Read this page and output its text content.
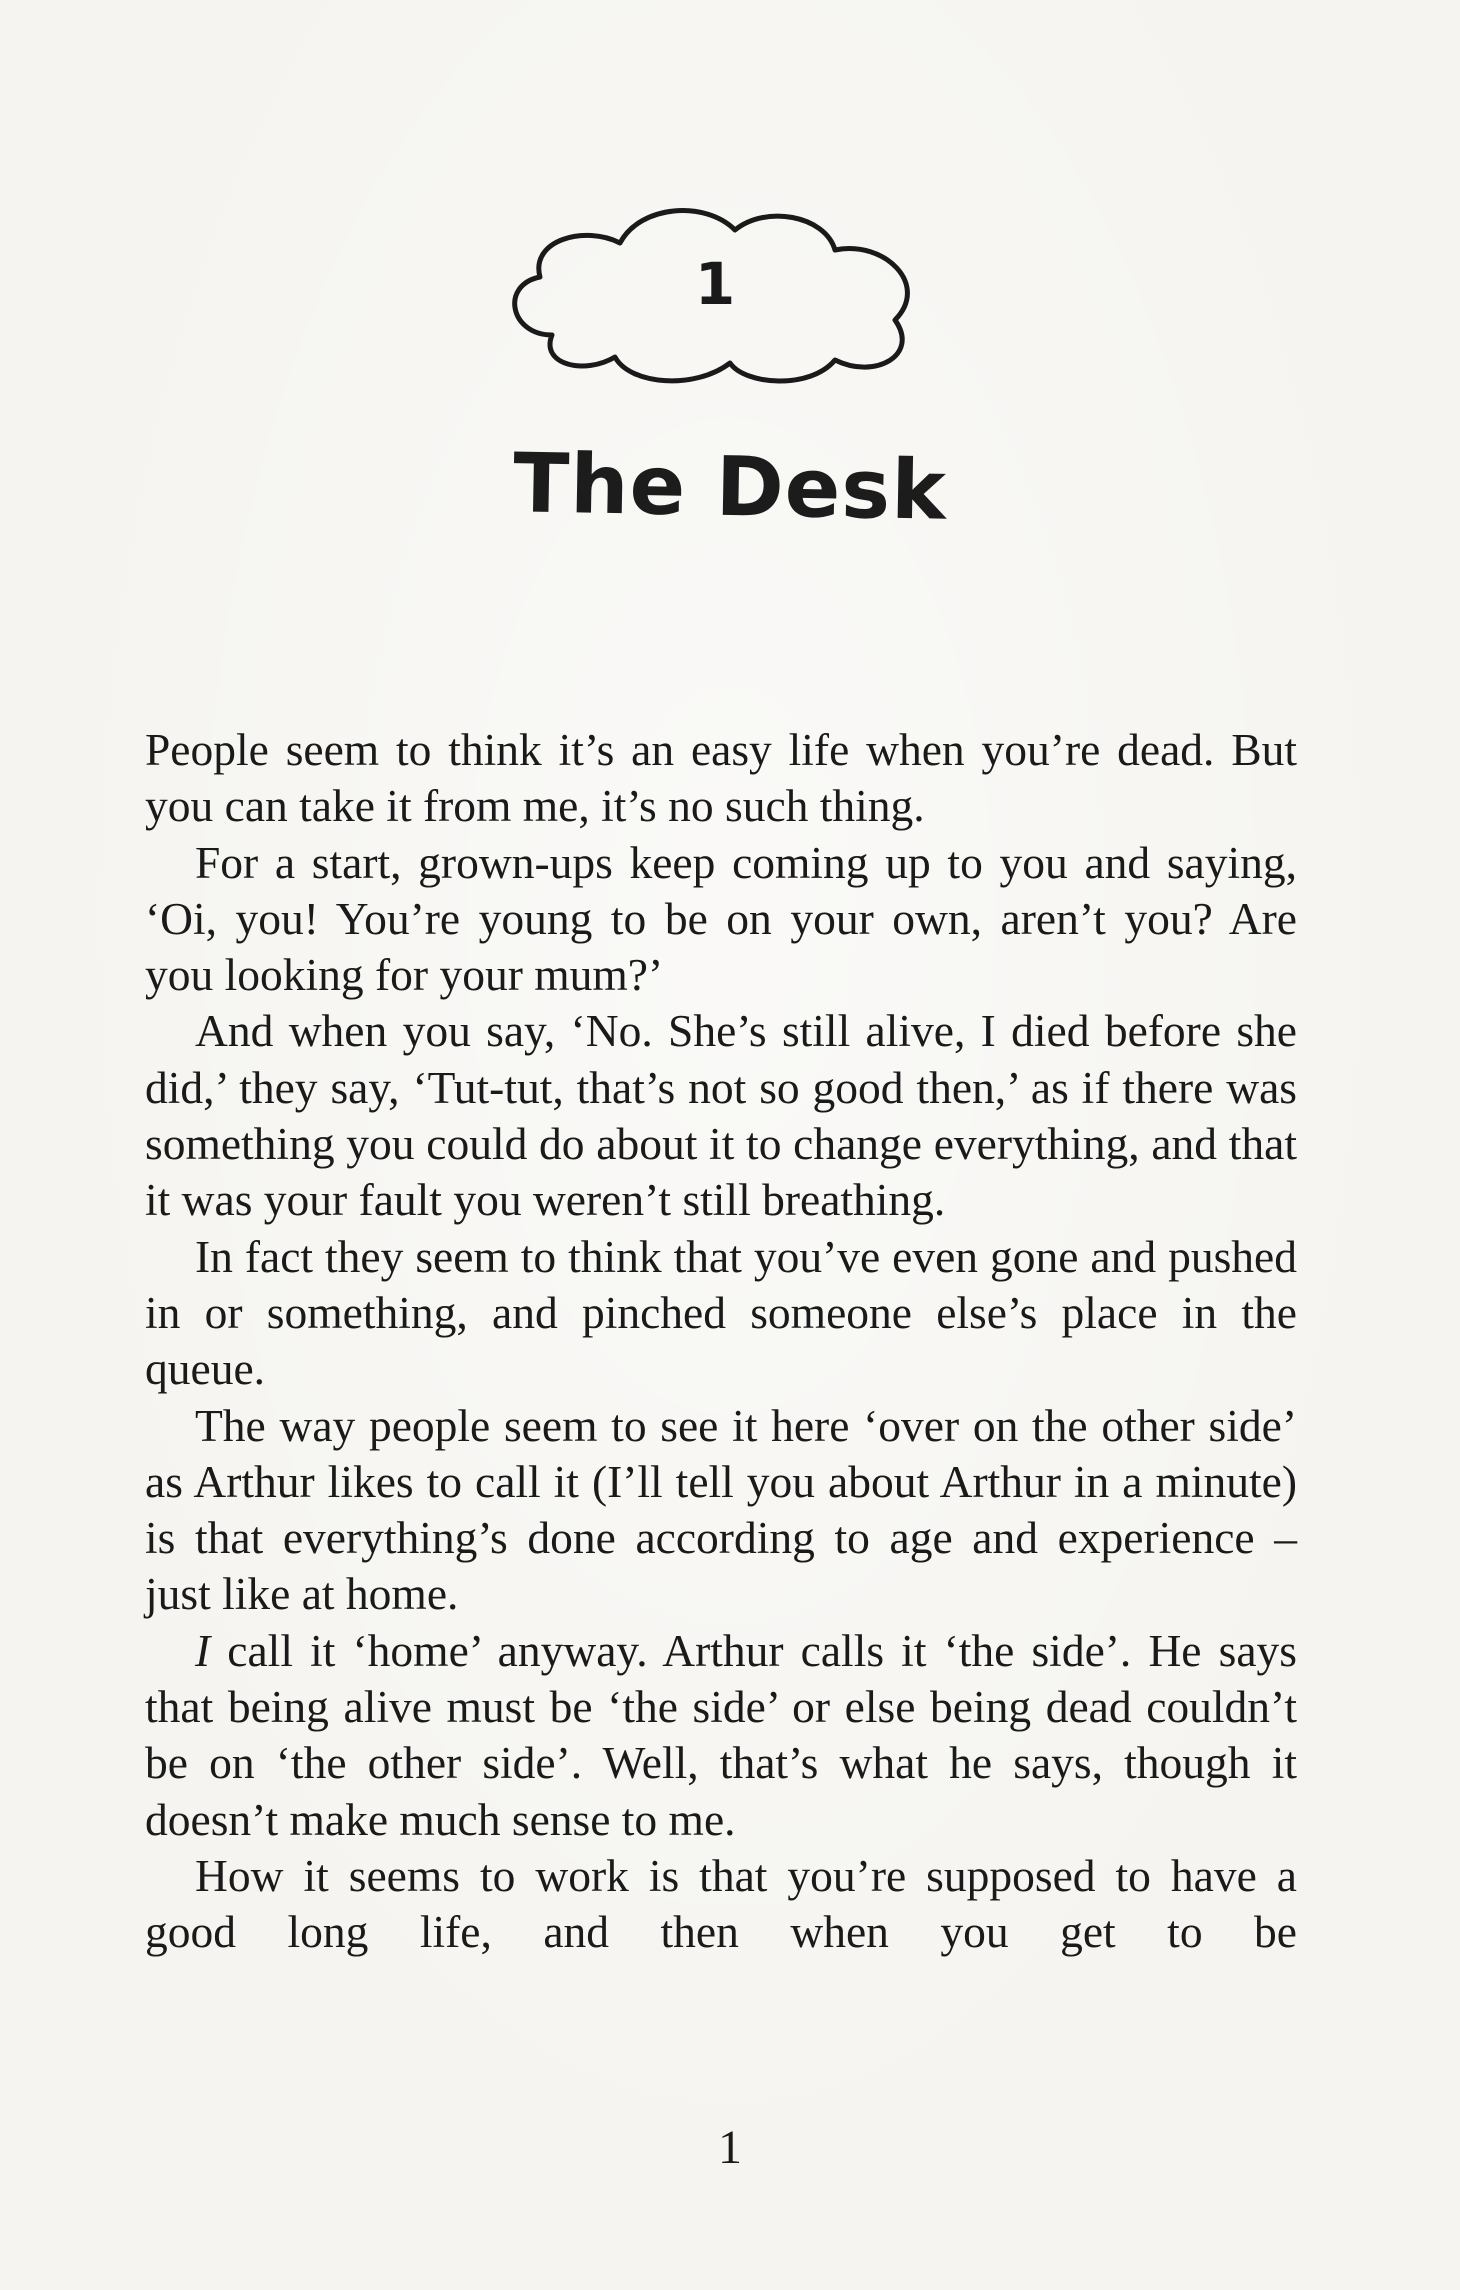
1
The Desk

People seem to think it’s an easy life when you’re dead. But you can take it from me, it’s no such thing.

For a start, grown-ups keep coming up to you and saying, ‘Oi, you! You’re young to be on your own, aren’t you? Are you looking for your mum?’

And when you say, ‘No. She’s still alive, I died before she did,’ they say, ‘Tut-tut, that’s not so good then,’ as if there was something you could do about it to change everything, and that it was your fault you weren’t still breathing.

In fact they seem to think that you’ve even gone and pushed in or something, and pinched someone else’s place in the queue.

The way people seem to see it here ‘over on the other side’ as Arthur likes to call it (I’ll tell you about Arthur in a minute) is that everything’s done according to age and experience – just like at home.

I call it ‘home’ anyway. Arthur calls it ‘the side’. He says that being alive must be ‘the side’ or else being dead couldn’t be on ‘the other side’. Well, that’s what he says, though it doesn’t make much sense to me.

How it seems to work is that you’re supposed to have a good long life, and then when you get to be

1
